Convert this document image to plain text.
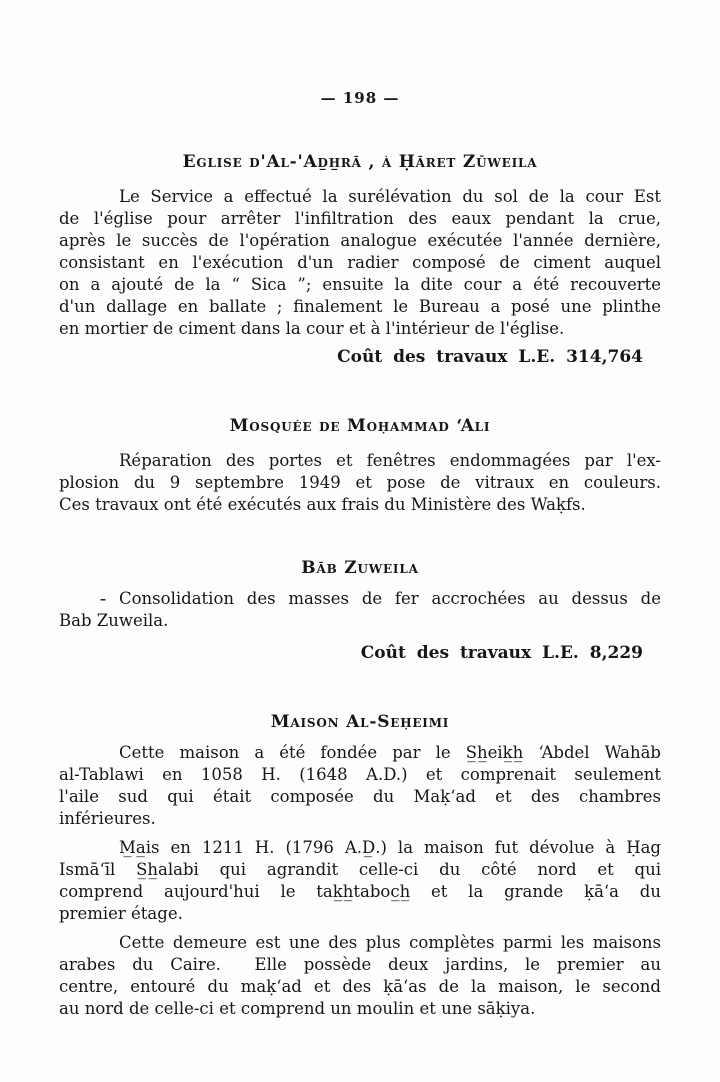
— 198 —
Eglise d'Al-'Ad̲h̲rā , à Ḥāret Zūweila
Le Service a effectué la surélévation du sol de la cour Est
de l'église pour arrêter l'infiltration des eaux pendant la crue,
après le succès de l'opération analogue exécutée l'année dernière,
consistant en l'exécution d'un radier composé de ciment auquel
on a ajouté de la “ Sica ”; ensuite la dite cour a été recouverte
d'un dallage en ballate ; finalement le Bureau a posé une plinthe
en mortier de ciment dans la cour et à l'intérieur de l'église.
Coût des travaux L.E. 314,764
Mosquée de Moḥammad ‘Ali
Réparation des portes et fenêtres endommagées par l'ex-
plosion du 9 septembre 1949 et pose de vitraux en couleurs.
Ces travaux ont été exécutés aux frais du Ministère des Waḳfs.
Bāb Zuweila
¯ Consolidation des masses de fer accrochées au dessus de
Bab Zuweila.
Coût des travaux L.E. 8,229
Maison Al-Seḥeimi
Cette maison a été fondée par le S̲h̲eik̲h̲ ‘Abdel Wahāb
al-Tablawi en 1058 H. (1648 A.D.) et comprenait seulement
l'aile sud qui était composée du Maḳ‘ad et des chambres
inférieures.
M̲a̲is en 1211 H. (1796 A.D̲.) la maison fut dévolue à Ḥag
Ismā‘īl S̲h̲alabi qui agrandit celle-ci du côté nord et qui
comprend aujourd'hui le tak̲h̲taboc̲h̲ et la grande ḳā‘a du
premier étage.
Cette demeure est une des plus complètes parmi les maisons
arabes du Caire.  Elle possède deux jardins, le premier au
centre, entouré du maḳ‘ad et des ḳā‘as de la maison, le second
au nord de celle-ci et comprend un moulin et une sāḳiya.
